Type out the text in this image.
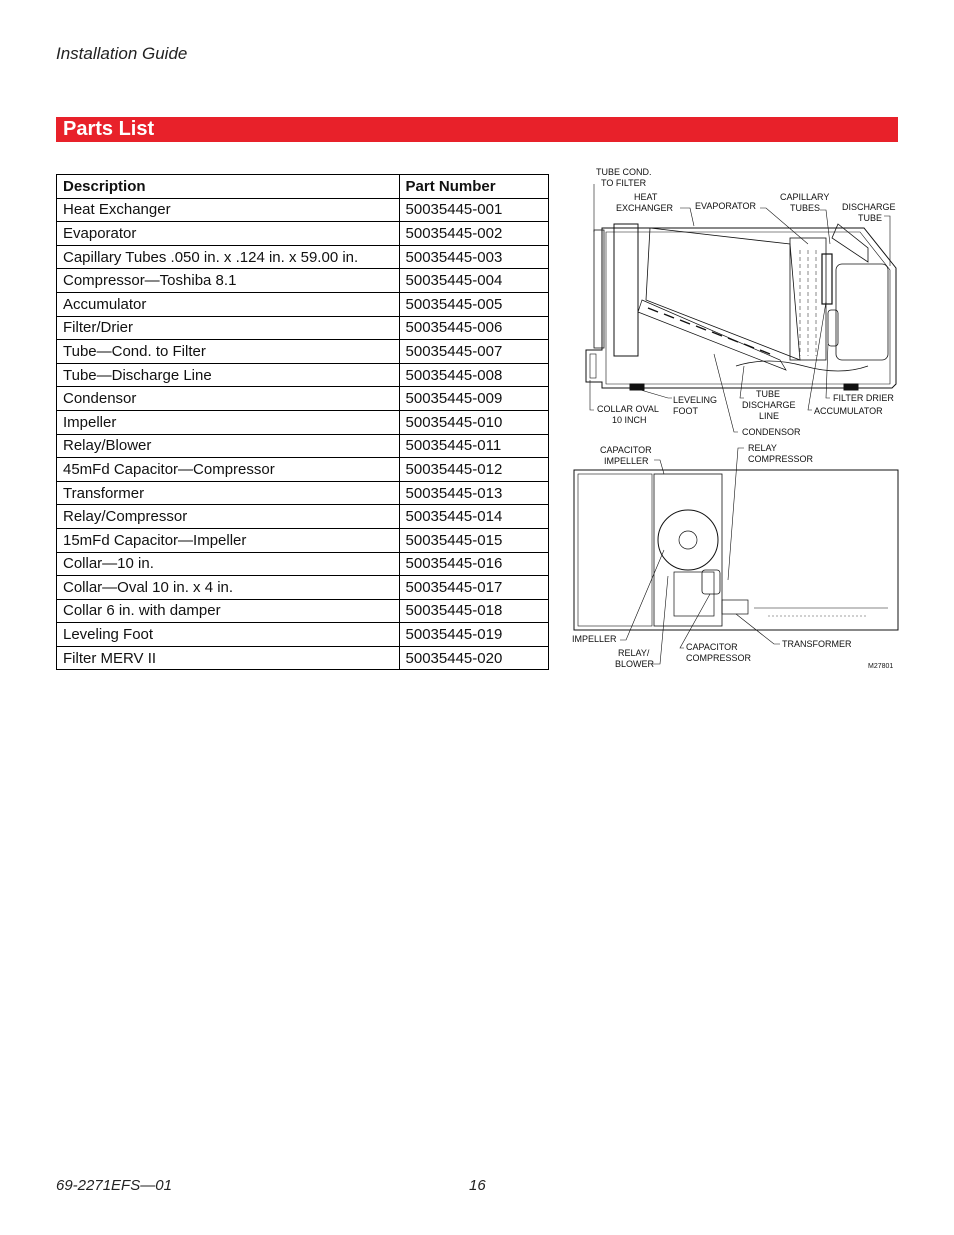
Installation Guide
Parts List
Description	Part Number
Heat Exchanger	50035445-001
Evaporator	50035445-002
Capillary Tubes .050 in. x .124 in. x 59.00 in.	50035445-003
Compressor—Toshiba 8.1	50035445-004
Accumulator	50035445-005
Filter/Drier	50035445-006
Tube—Cond. to Filter	50035445-007
Tube—Discharge Line	50035445-008
Condensor	50035445-009
Impeller	50035445-010
Relay/Blower	50035445-011
45mFd Capacitor—Compressor	50035445-012
Transformer	50035445-013
Relay/Compressor	50035445-014
15mFd Capacitor—Impeller	50035445-015
Collar—10 in.	50035445-016
Collar—Oval 10 in. x 4 in.	50035445-017
Collar 6 in. with damper	50035445-018
Leveling Foot	50035445-019
Filter MERV II	50035445-020
TUBE COND.
TO FILTER
HEAT
EXCHANGER EVAPORATOR
CAPILLARY
TUBES DISCHARGE
TUBE
COLLAR OVAL
10 INCH
LEVELING
FOOT
TUBE
DISCHARGE
LINE
FILTER DRIER
ACCUMULATOR
CONDENSOR
CAPACITOR
IMPELLER
RELAY
COMPRESSOR
IMPELLER
RELAY/
BLOWER
CAPACITOR
COMPRESSOR
TRANSFORMER
M27801
69-2271EFS—01	16
